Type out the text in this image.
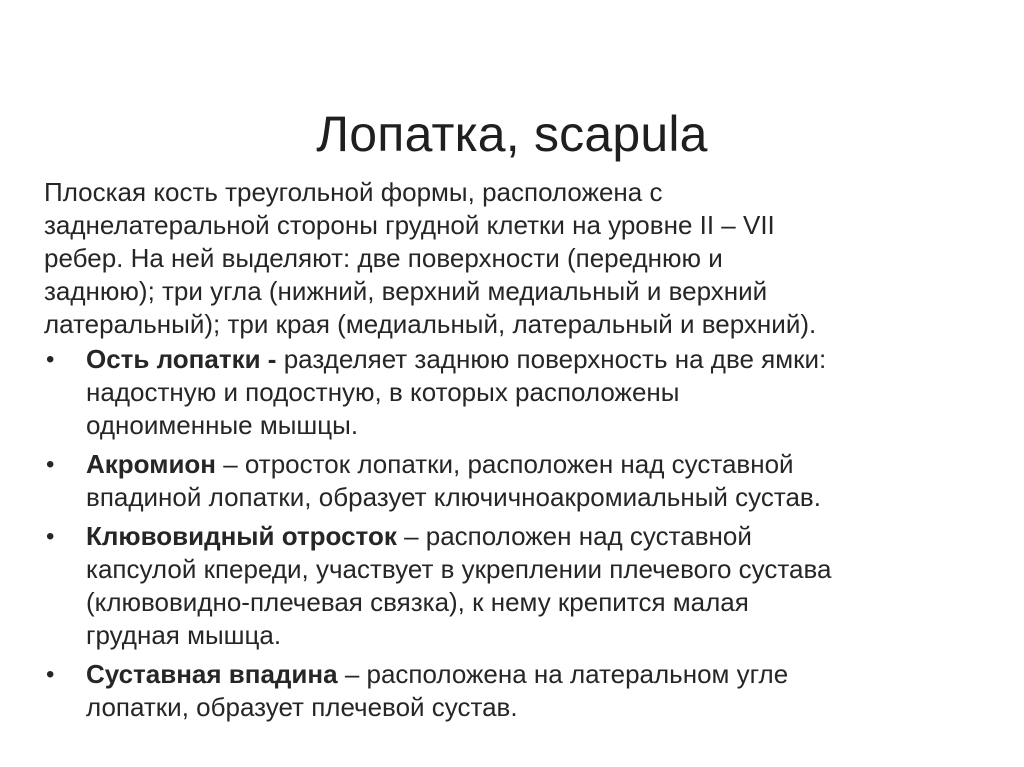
Лопатка, scapula

Плоская кость треугольной формы, расположена с
заднелатеральной стороны грудной клетки на уровне II – VII
ребер. На ней выделяют: две поверхности (переднюю и
заднюю); три угла (нижний, верхний медиальный и верхний
латеральный); три края (медиальный, латеральный и верхний).

• Ость лопатки - разделяет заднюю поверхность на две ямки:
надостную и подостную, в которых расположены
одноименные мышцы.
• Акромион – отросток лопатки, расположен над суставной
впадиной лопатки, образует ключичноакромиальный сустав.
• Клювовидный отросток – расположен над суставной
капсулой кпереди, участвует в укреплении плечевого сустава
(клювовидно-плечевая связка), к нему крепится малая
грудная мышца.
• Суставная впадина – расположена на латеральном угле
лопатки, образует плечевой сустав.
